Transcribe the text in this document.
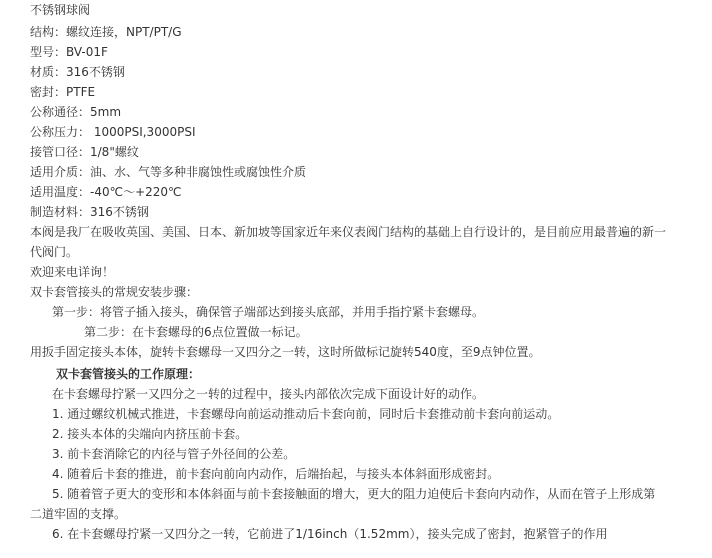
不锈钢球阀
结构：螺纹连接，NPT/PT/G
型号：BV-01F
材质：316不锈钢
密封：PTFE
公称通径：5mm
公称压力： 1000PSI,3000PSI
接管口径：1/8"螺纹
适用介质：油、水、气等多种非腐蚀性或腐蚀性介质
适用温度：-40℃～+220℃
制造材料：316不锈钢
本阀是我厂在吸收英国、美国、日本、新加坡等国家近年来仪表阀门结构的基础上自行设计的，是目前应用最普遍的新一代阀门。
欢迎来电详询！
双卡套管接头的常规安装步骤：
第一步：将管子插入接头，确保管子端部达到接头底部，并用手指拧紧卡套螺母。
第二步：在卡套螺母的6点位置做一标记。
用扳手固定接头本体，旋转卡套螺母一又四分之一转，这时所做标记旋转540度，至9点钟位置。
双卡套管接头的工作原理：
在卡套螺母拧紧一又四分之一转的过程中，接头内部依次完成下面设计好的动作。
1. 通过螺纹机械式推进，卡套螺母向前运动推动后卡套向前，同时后卡套推动前卡套向前运动。
2. 接头本体的尖端向内挤压前卡套。
3. 前卡套消除它的内径与管子外径间的公差。
4. 随着后卡套的推进，前卡套向前向内动作，后端抬起，与接头本体斜面形成密封。
5. 随着管子更大的变形和本体斜面与前卡套接触面的增大，更大的阻力迫使后卡套向内动作，从而在管子上形成第
二道牢固的支撑。
6. 在卡套螺母拧紧一又四分之一转，它前进了1/16inch（1.52mm），接头完成了密封，抱紧管子的作用
